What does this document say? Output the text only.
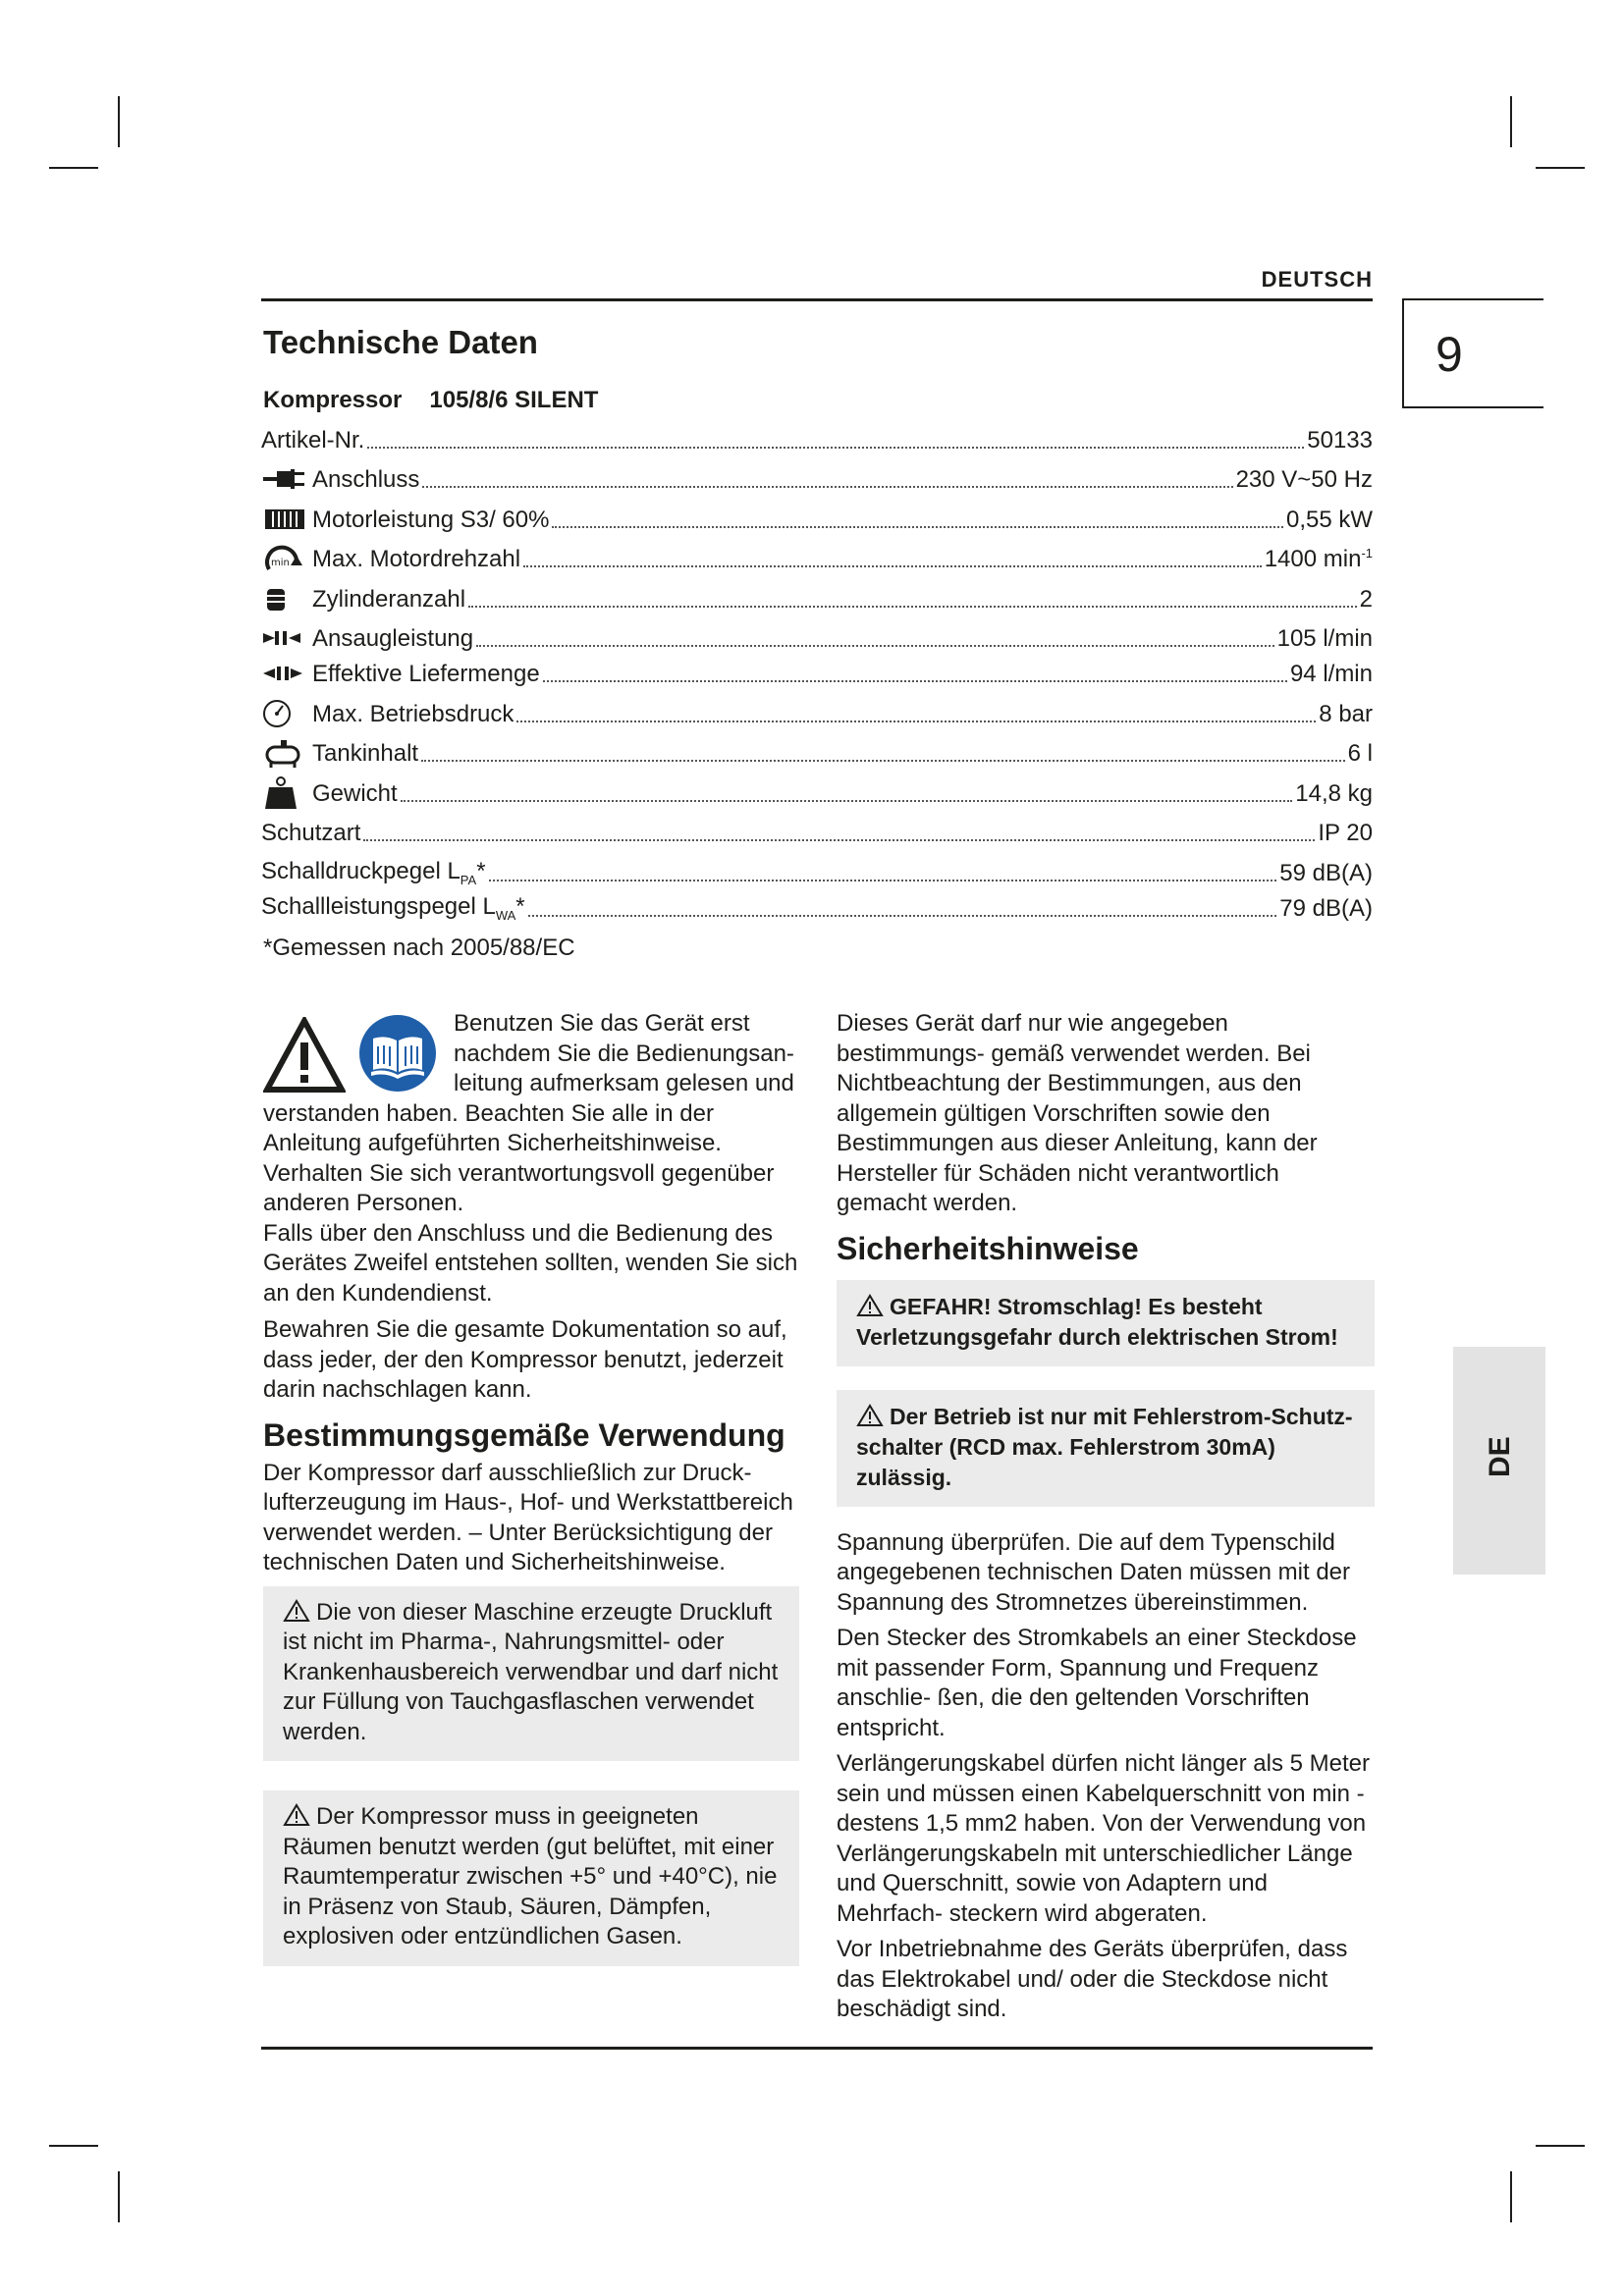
DEUTSCH
9
DE
Technische Daten
Kompressor 105/8/6 SILENT
Artikel-Nr.	50133
Anschluss	230 V~50 Hz
Motorleistung S3/ 60%	0,55 kW
min Max. Motordrehzahl	1400 $\min^{-1}$
Zylinderanzahl	2
Ansaugleistung	105 l/min
Effektive Liefermenge	94 l/min
Max. Betriebsdruck	8 bar
Tankinhalt	6 l
Gewicht	14,8 kg
Schutzart	IP 20
Schalldruckpegel $L_{PA}*$	59 dB(A)
Schallleistungspegel $L_{WA}*$	79 dB(A)
*Gemessen nach 2005/88/EC
Benutzen Sie das Gerät erst
nachdem Sie die Bedienungsan-
leitung aufmerksam gelesen und

verstanden haben. Beachten Sie alle in der Anleitung aufgeführten Sicherheitshinweise. Verhalten Sie sich verantwortungsvoll gegenüber anderen Personen.

Falls über den Anschluss und die Bedienung des Gerätes Zweifel entstehen sollten, wenden Sie sich an den Kundendienst.

Bewahren Sie die gesamte Dokumentation so auf, dass jeder, der den Kompressor benutzt, jederzeit darin nachschlagen kann.

Bestimmungsgemäße Verwendung

Der Kompressor darf ausschließlich zur Druck- lufterzeugung im Haus-, Hof- und Werkstattbereich verwendet werden. – Unter Berücksichtigung der technischen Daten und Sicherheitshinweise.

Die von dieser Maschine erzeugte Druckluft ist nicht im Pharma-, Nahrungsmittel- oder Krankenhausbereich verwendbar und darf nicht zur Füllung von Tauchgasflaschen verwendet werden.
Der Kompressor muss in geeigneten Räumen benutzt werden (gut belüftet, mit einer Raumtemperatur zwischen +5° und +40°C), nie in Präsenz von Staub, Säuren, Dämpfen, explosiven oder entzündlichen Gasen.

Dieses Gerät darf nur wie angegeben bestimmungs- gemäß verwendet werden. Bei Nichtbeachtung der Bestimmungen, aus den allgemein gültigen Vorschriften sowie den Bestimmungen aus dieser Anleitung, kann der Hersteller für Schäden nicht verantwortlich gemacht werden.

Sicherheitshinweise
GEFAHR! Stromschlag! Es besteht Verletzungsgefahr durch elektrischen Strom!
Der Betrieb ist nur mit Fehlerstrom-Schutz- schalter (RCD max. Fehlerstrom 30mA) zulässig.

Spannung überprüfen. Die auf dem Typenschild angegebenen technischen Daten müssen mit der Spannung des Stromnetzes übereinstimmen.

Den Stecker des Stromkabels an einer Steckdose mit passender Form, Spannung und Frequenz anschlie- ßen, die den geltenden Vorschriften entspricht.

Verlängerungskabel dürfen nicht länger als 5 Meter sein und müssen einen Kabelquerschnitt von min - destens 1,5 mm2 haben. Von der Verwendung von Verlängerungskabeln mit unterschiedlicher Länge und Querschnitt, sowie von Adaptern und Mehrfach- steckern wird abgeraten.

Vor Inbetriebnahme des Geräts überprüfen, dass das Elektrokabel und/ oder die Steckdose nicht beschädigt sind.
